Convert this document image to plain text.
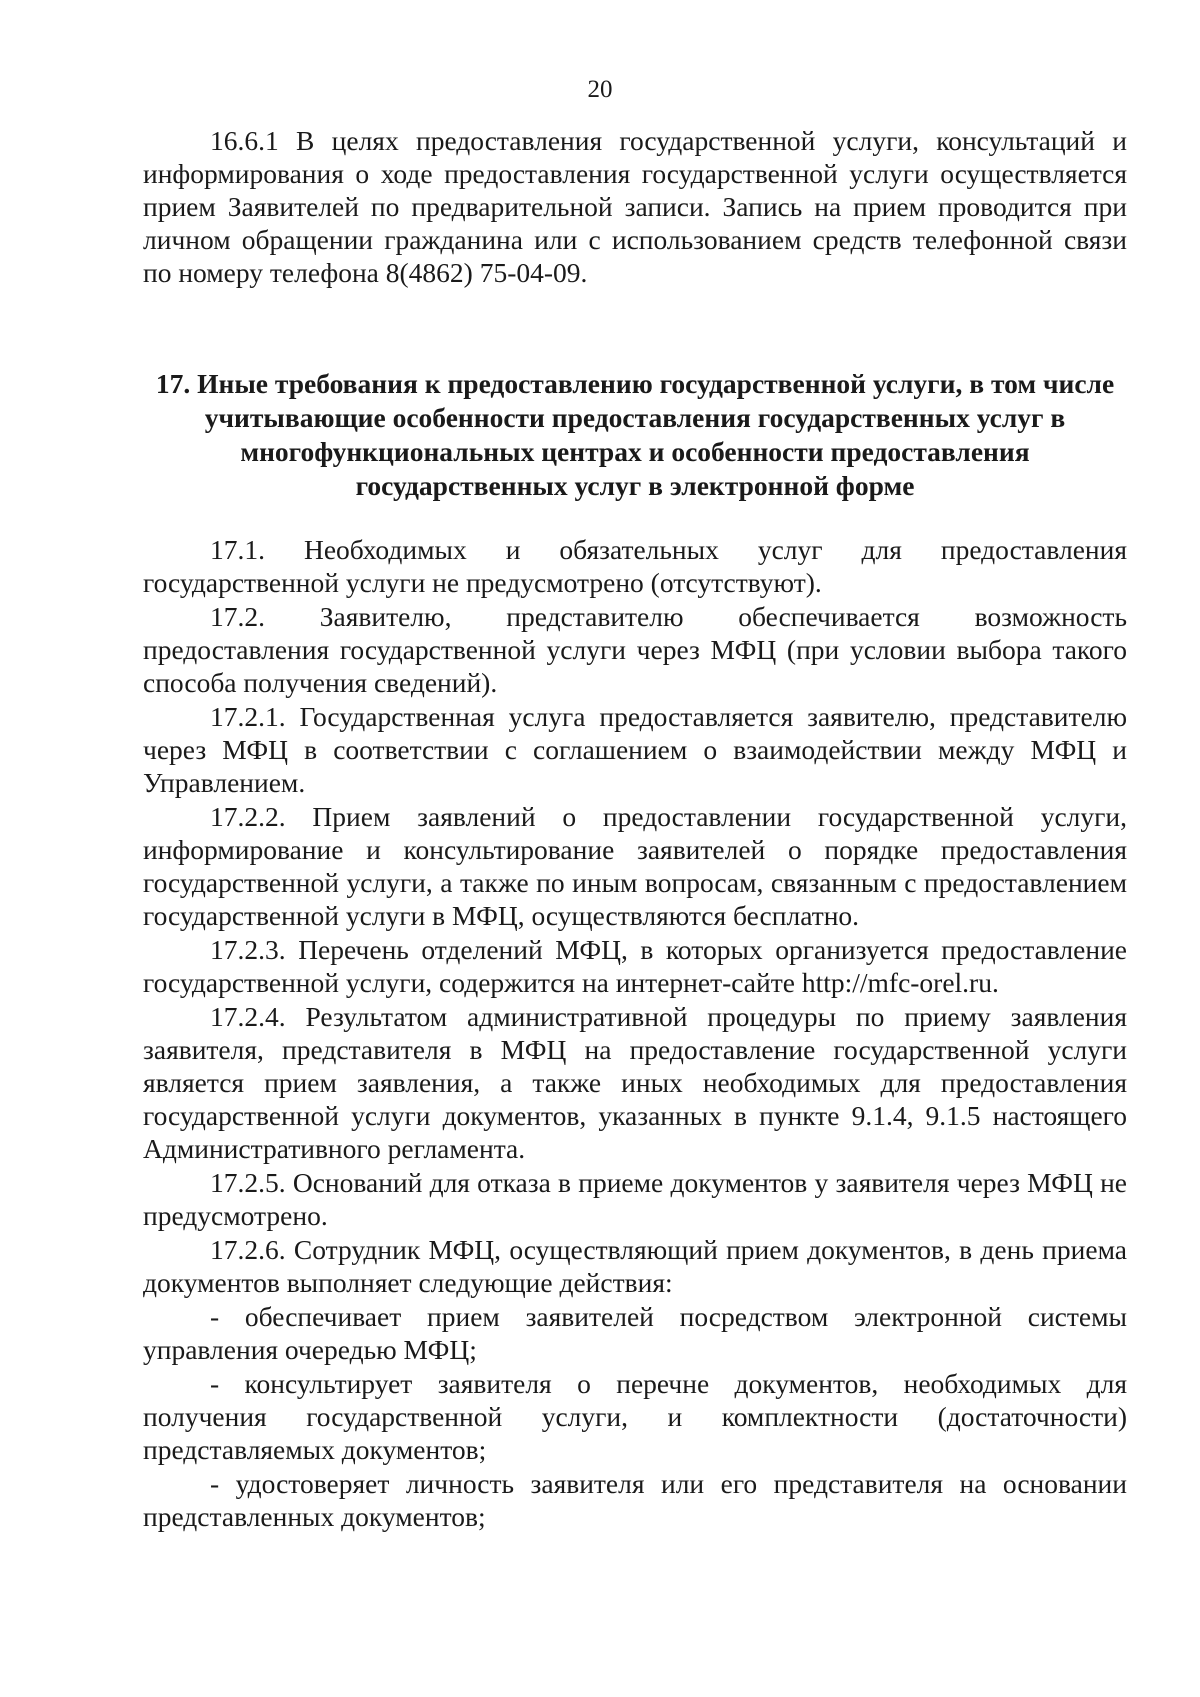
20

16.6.1 В целях предоставления государственной услуги, консультаций и информирования о ходе предоставления государственной услуги осуществляется прием Заявителей по предварительной записи. Запись на прием проводится при личном обращении гражданина или с использованием средств телефонной связи по номеру телефона 8(4862) 75-04-09.

17. Иные требования к предоставлению государственной услуги, в том числе учитывающие особенности предоставления государственных услуг в многофункциональных центрах и особенности предоставления государственных услуг в электронной форме

17.1. Необходимых и обязательных услуг для предоставления государственной услуги не предусмотрено (отсутствуют).

17.2. Заявителю, представителю обеспечивается возможность предоставления государственной услуги через МФЦ (при условии выбора такого способа получения сведений).

17.2.1. Государственная услуга предоставляется заявителю, представителю через МФЦ в соответствии с соглашением о взаимодействии между МФЦ и Управлением.

17.2.2. Прием заявлений о предоставлении государственной услуги, информирование и консультирование заявителей о порядке предоставления государственной услуги, а также по иным вопросам, связанным с предоставлением государственной услуги в МФЦ, осуществляются бесплатно.

17.2.3. Перечень отделений МФЦ, в которых организуется предоставление государственной услуги, содержится на интернет-сайте http://mfc-orel.ru.

17.2.4. Результатом административной процедуры по приему заявления заявителя, представителя в МФЦ на предоставление государственной услуги является прием заявления, а также иных необходимых для предоставления государственной услуги документов, указанных в пункте 9.1.4, 9.1.5 настоящего Административного регламента.

17.2.5. Оснований для отказа в приеме документов у заявителя через МФЦ не предусмотрено.

17.2.6. Сотрудник МФЦ, осуществляющий прием документов, в день приема документов выполняет следующие действия:

- обеспечивает прием заявителей посредством электронной системы управления очередью МФЦ;

- консультирует заявителя о перечне документов, необходимых для получения государственной услуги, и комплектности (достаточности) представляемых документов;

- удостоверяет личность заявителя или его представителя на основании представленных документов;
